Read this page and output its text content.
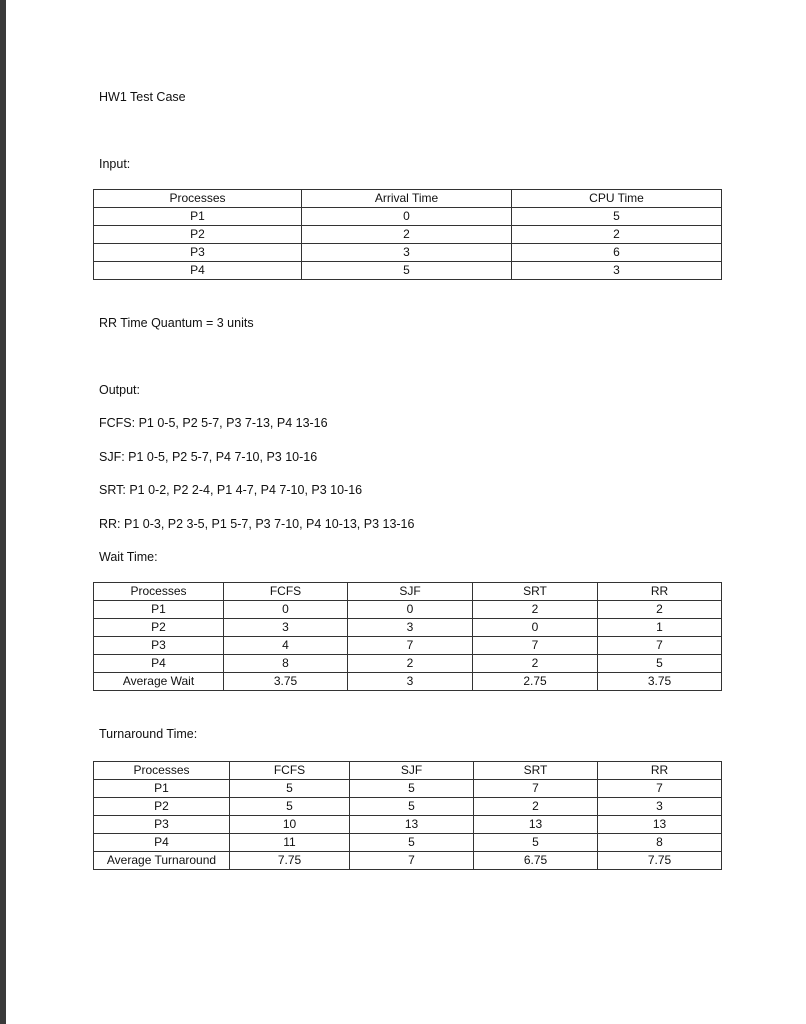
HW1 Test Case
Input:
Processes	Arrival Time	CPU Time
P1	0	5
P2	2	2
P3	3	6
P4	5	3
RR Time Quantum = 3 units
Output:
FCFS: P1 0-5, P2 5-7, P3 7-13, P4 13-16
SJF: P1 0-5, P2 5-7, P4 7-10, P3 10-16
SRT: P1 0-2, P2 2-4, P1 4-7, P4 7-10, P3 10-16
RR: P1 0-3, P2 3-5, P1 5-7, P3 7-10, P4 10-13, P3 13-16
Wait Time:
Processes	FCFS	SJF	SRT	RR
P1	0	0	2	2
P2	3	3	0	1
P3	4	7	7	7
P4	8	2	2	5
Average Wait	3.75	3	2.75	3.75
Turnaround Time:
Processes	FCFS	SJF	SRT	RR
P1	5	5	7	7
P2	5	5	2	3
P3	10	13	13	13
P4	11	5	5	8
Average Turnaround	7.75	7	6.75	7.75
